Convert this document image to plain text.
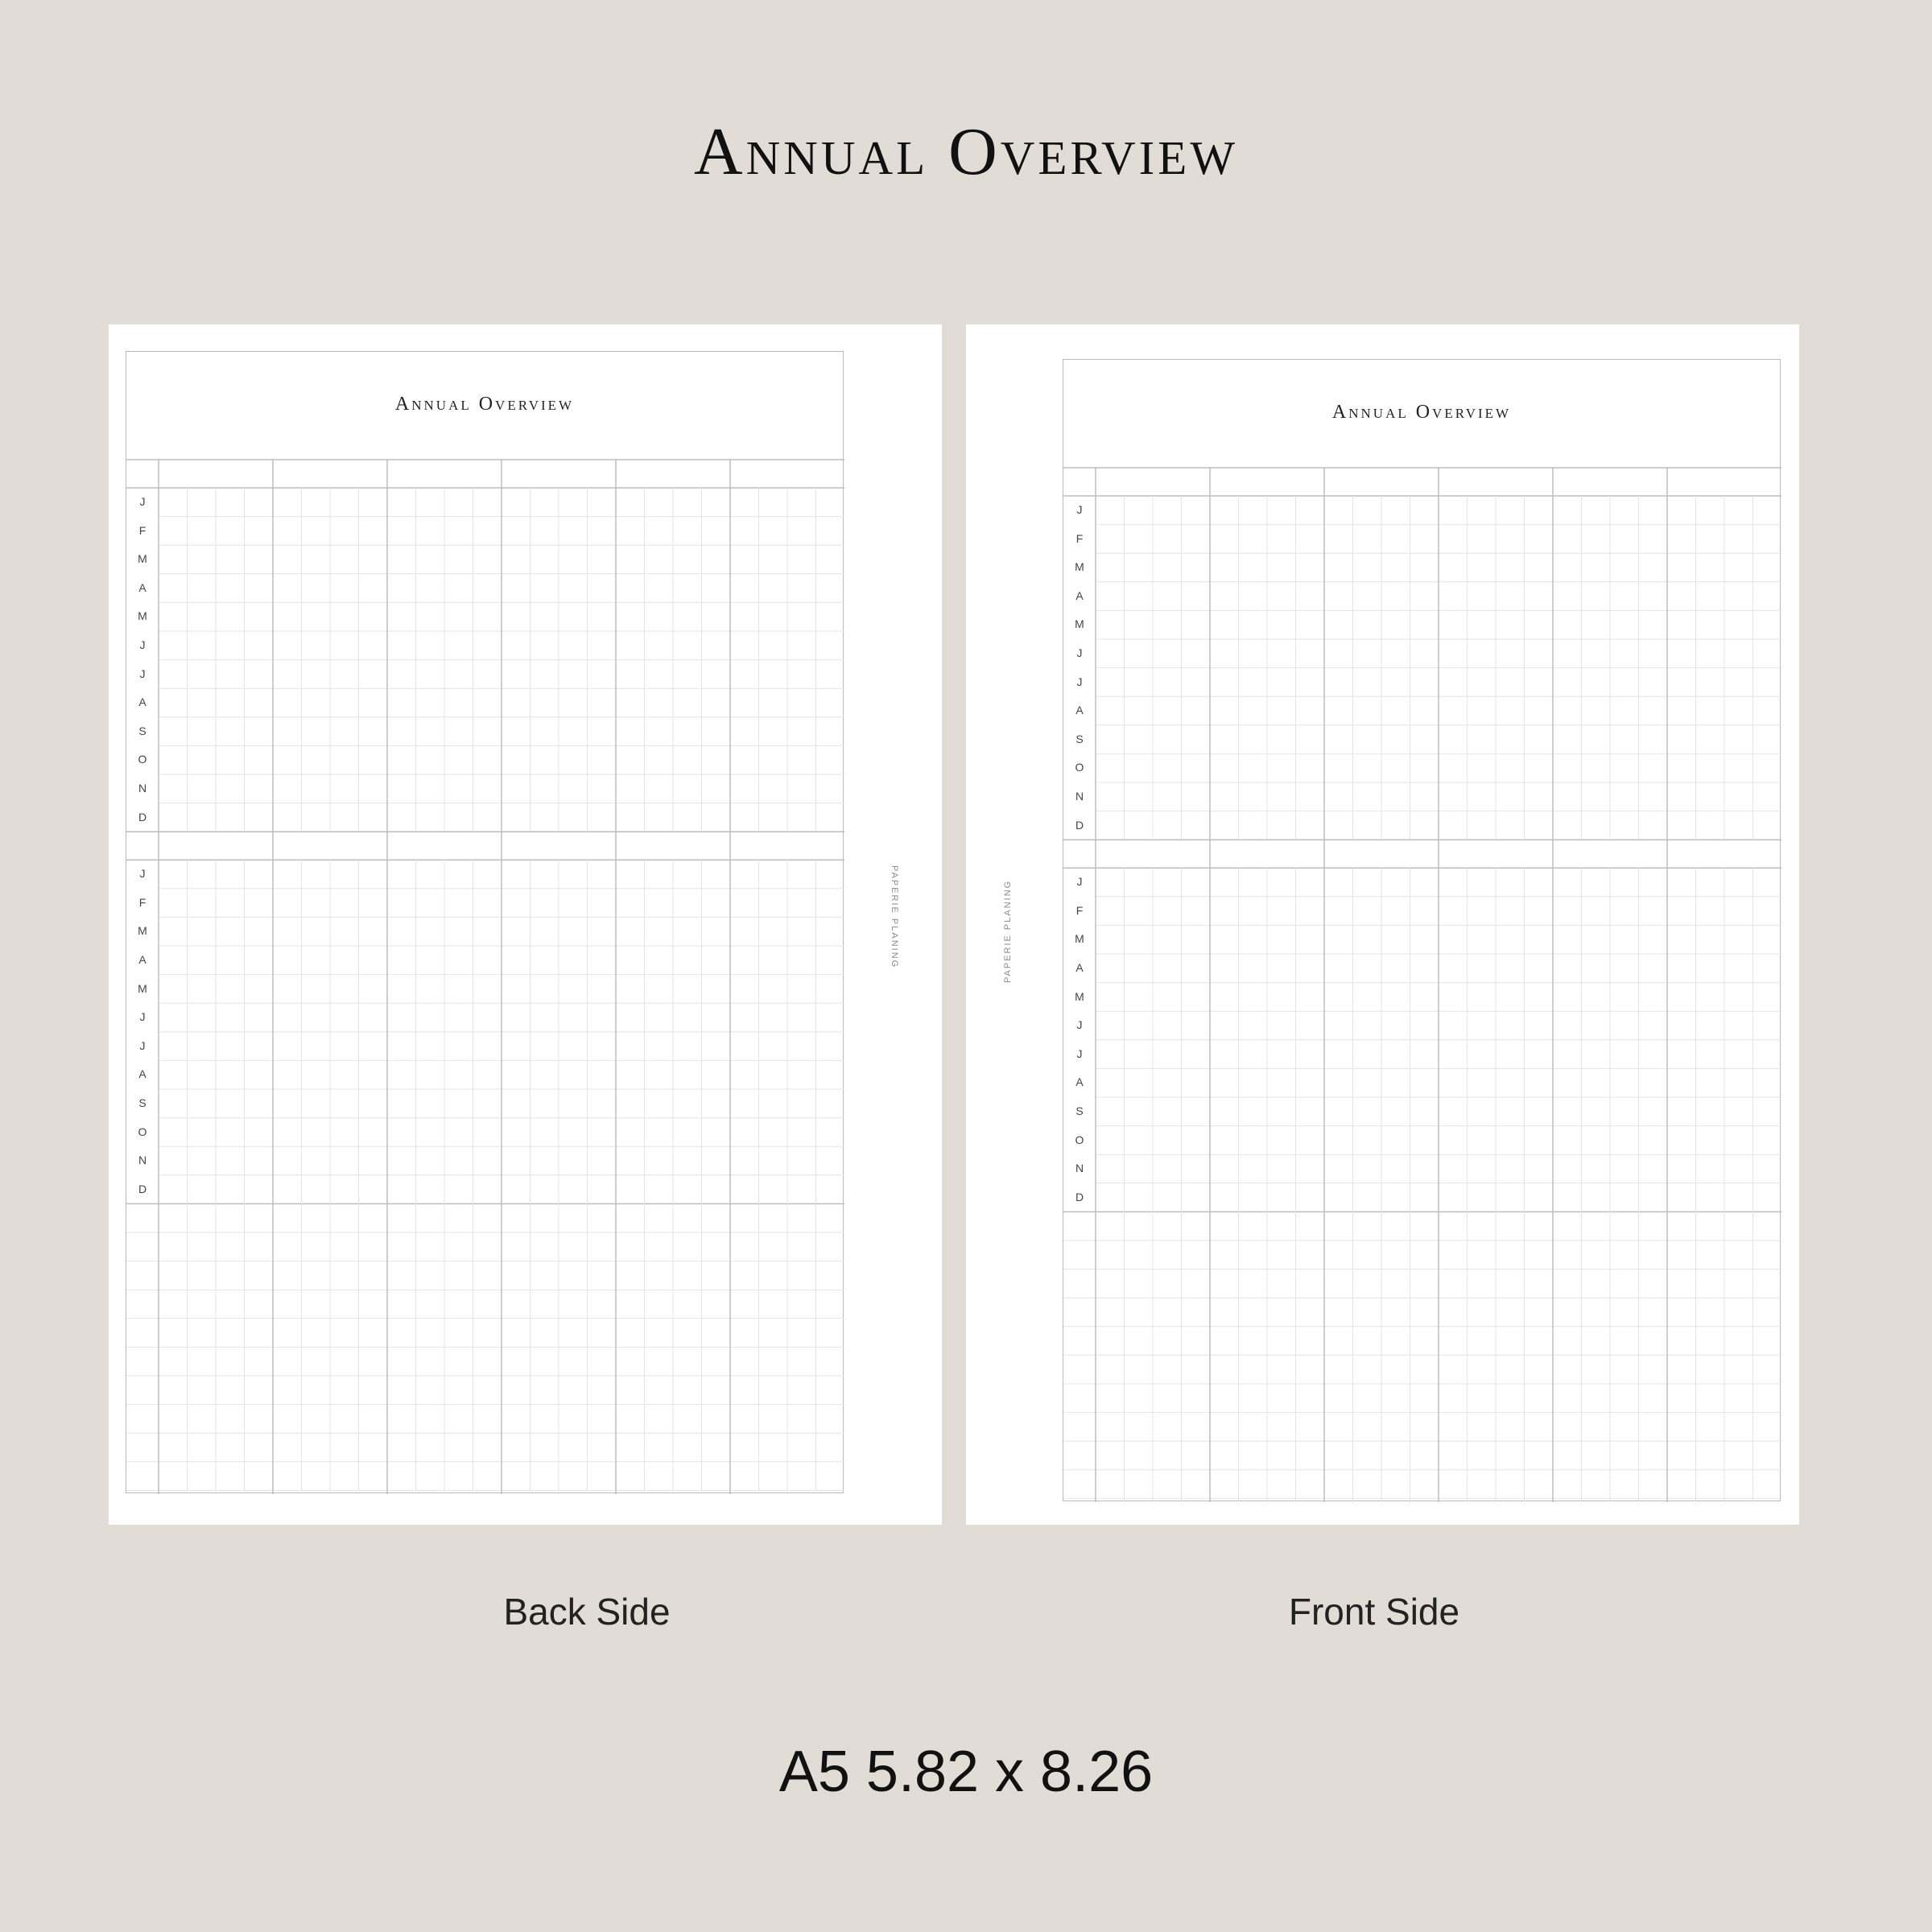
Annual Overview
Annual Overview
J
F
M
A
M
J
J
A
S
O
N
D
J
F
M
A
M
J
J
A
S
O
N
D
PAPERIE PLANING
Annual Overview
J
F
M
A
M
J
J
A
S
O
N
D
J
F
M
A
M
J
J
A
S
O
N
D
PAPERIE PLANING
Back Side	Front Side
A5 5.82 x 8.26
